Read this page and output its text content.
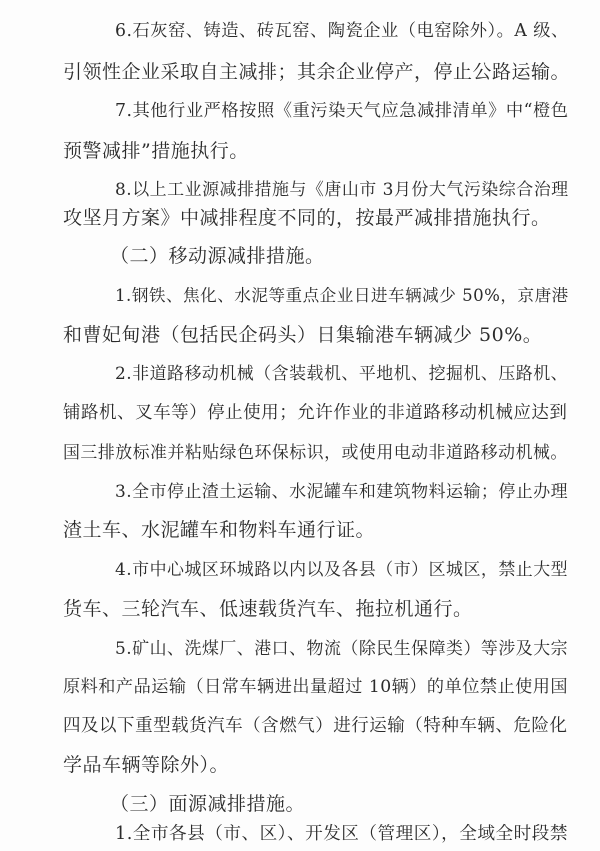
6.石灰窑、铸造、砖瓦窑、陶瓷企业（电窑除外）。A 级、
引领性企业采取自主减排；其余企业停产，停止公路运输。
7.其他行业严格按照《重污染天气应急减排清单》中“橙色
预警减排”措施执行。
8.以上工业源减排措施与《唐山市 3月份大气污染综合治理
攻坚月方案》中减排程度不同的，按最严减排措施执行。
（二）移动源减排措施。
1.钢铁、焦化、水泥等重点企业日进车辆减少 50%，京唐港
和曹妃甸港（包括民企码头）日集输港车辆减少 50%。
2.非道路移动机械（含装载机、平地机、挖掘机、压路机、
铺路机、叉车等）停止使用；允许作业的非道路移动机械应达到
国三排放标准并粘贴绿色环保标识，或使用电动非道路移动机械。
3.全市停止渣土运输、水泥罐车和建筑物料运输；停止办理
渣土车、水泥罐车和物料车通行证。
4.市中心城区环城路以内以及各县（市）区城区，禁止大型
货车、三轮汽车、低速载货汽车、拖拉机通行。
5.矿山、洗煤厂、港口、物流（除民生保障类）等涉及大宗
原料和产品运输（日常车辆进出量超过 10辆）的单位禁止使用国
四及以下重型载货汽车（含燃气）进行运输（特种车辆、危险化
学品车辆等除外）。
（三）面源减排措施。
1.全市各县（市、区）、开发区（管理区），全域全时段禁
